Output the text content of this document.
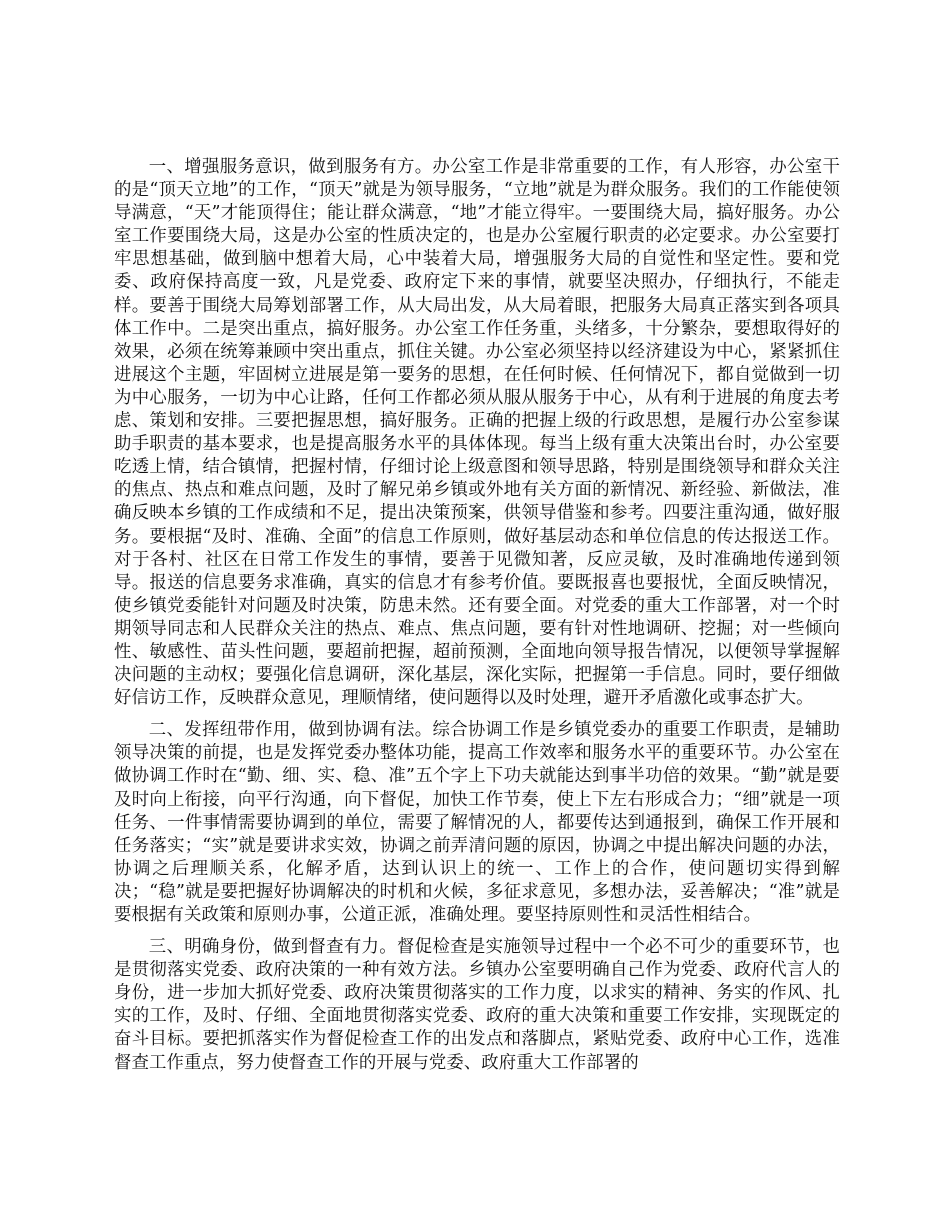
一、增强服务意识，做到服务有方。办公室工作是非常重要的工作，有人形容，办公室干的是“顶天立地”的工作，“顶天”就是为领导服务，“立地”就是为群众服务。我们的工作能使领导满意，“天”才能顶得住；能让群众满意，“地”才能立得牢。一要围绕大局，搞好服务。办公室工作要围绕大局，这是办公室的性质决定的，也是办公室履行职责的必定要求。办公室要打牢思想基础，做到脑中想着大局，心中装着大局，增强服务大局的自觉性和坚定性。要和党委、政府保持高度一致，凡是党委、政府定下来的事情，就要坚决照办，仔细执行，不能走样。要善于围绕大局筹划部署工作，从大局出发，从大局着眼，把服务大局真正落实到各项具体工作中。二是突出重点，搞好服务。办公室工作任务重，头绪多，十分繁杂，要想取得好的效果，必须在统筹兼顾中突出重点，抓住关键。办公室必须坚持以经济建设为中心，紧紧抓住进展这个主题，牢固树立进展是第一要务的思想，在任何时候、任何情况下，都自觉做到一切为中心服务，一切为中心让路，任何工作都必须从服从服务于中心，从有利于进展的角度去考虑、策划和安排。三要把握思想，搞好服务。正确的把握上级的行政思想，是履行办公室参谋助手职责的基本要求，也是提高服务水平的具体体现。每当上级有重大决策出台时，办公室要吃透上情，结合镇情，把握村情，仔细讨论上级意图和领导思路，特别是围绕领导和群众关注的焦点、热点和难点问题，及时了解兄弟乡镇或外地有关方面的新情况、新经验、新做法，准确反映本乡镇的工作成绩和不足，提出决策预案，供领导借鉴和参考。四要注重沟通，做好服务。要根据“及时、准确、全面”的信息工作原则，做好基层动态和单位信息的传达报送工作。对于各村、社区在日常工作发生的事情，要善于见微知著，反应灵敏，及时准确地传递到领导。报送的信息要务求准确，真实的信息才有参考价值。要既报喜也要报忧，全面反映情况，使乡镇党委能针对问题及时决策，防患未然。还有要全面。对党委的重大工作部署，对一个时期领导同志和人民群众关注的热点、难点、焦点问题，要有针对性地调研、挖掘；对一些倾向性、敏感性、苗头性问题，要超前把握，超前预测，全面地向领导报告情况，以便领导掌握解决问题的主动权；要强化信息调研，深化基层，深化实际，把握第一手信息。同时，要仔细做好信访工作，反映群众意见，理顺情绪，使问题得以及时处理，避开矛盾激化或事态扩大。

二、发挥纽带作用，做到协调有法。综合协调工作是乡镇党委办的重要工作职责，是辅助领导决策的前提，也是发挥党委办整体功能，提高工作效率和服务水平的重要环节。办公室在做协调工作时在“勤、细、实、稳、准”五个字上下功夫就能达到事半功倍的效果。“勤”就是要及时向上衔接，向平行沟通，向下督促，加快工作节奏，使上下左右形成合力；“细”就是一项任务、一件事情需要协调到的单位，需要了解情况的人，都要传达到通报到，确保工作开展和任务落实；“实”就是要讲求实效，协调之前弄清问题的原因，协调之中提出解决问题的办法，协调之后理顺关系，化解矛盾，达到认识上的统一、工作上的合作，使问题切实得到解决；“稳”就是要把握好协调解决的时机和火候，多征求意见，多想办法，妥善解决；“准”就是要根据有关政策和原则办事，公道正派，准确处理。要坚持原则性和灵活性相结合。

三、明确身份，做到督查有力。督促检查是实施领导过程中一个必不可少的重要环节，也是贯彻落实党委、政府决策的一种有效方法。乡镇办公室要明确自己作为党委、政府代言人的身份，进一步加大抓好党委、政府决策贯彻落实的工作力度，以求实的精神、务实的作风、扎实的工作，及时、仔细、全面地贯彻落实党委、政府的重大决策和重要工作安排，实现既定的奋斗目标。要把抓落实作为督促检查工作的出发点和落脚点，紧贴党委、政府中心工作，选准督查工作重点，努力使督查工作的开展与党委、政府重大工作部署的
